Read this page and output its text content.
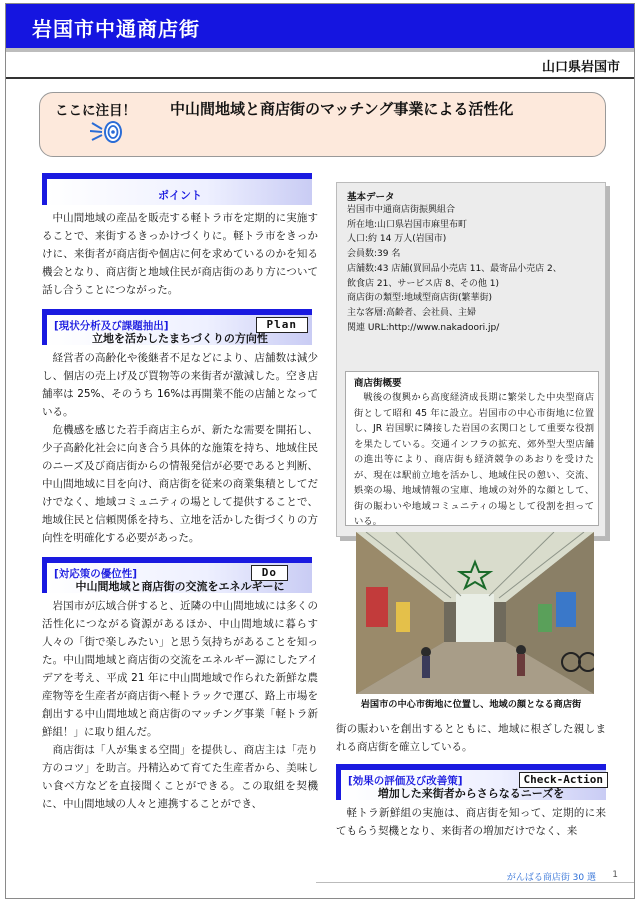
岩国市中通商店街
山口県岩国市
ここに注目！ 中山間地域と商店街のマッチング事業による活性化
ポイント

中山間地域の産品を販売する軽トラ市を定期的に実施することで、来街するきっかけづくりに。軽トラ市をきっかけに、来街者が商店街や個店に何を求めているのかを知る機会となり、商店街と地域住民が商店街のあり方について話し合うことにつながった。

[現状分析及び課題抽出]	Plan
立地を活かしたまちづくりの方向性

経営者の高齢化や後継者不足などにより、店舗数は減少し、個店の売上げ及び買物等の来街者が激減した。空き店舗率は 25%、そのうち 16%は再開業不能の店舗となっている。

危機感を感じた若手商店主らが、新たな需要を開拓し、少子高齢化社会に向き合う具体的な施策を持ち、地域住民のニーズ及び商店街からの情報発信が必要であると判断、中山間地域に目を向け、商店街を従来の商業集積としてだけでなく、地域コミュニティの場として提供することで、地域住民と信頼関係を持ち、立地を活かした街づくりの方向性を明確化する必要があった。

[対応策の優位性]	Do
中山間地域と商店街の交流をエネルギーに

岩国市が広域合併すると、近隣の中山間地域には多くの活性化につながる資源があるほか、中山間地域に暮らす人々の「街で楽しみたい」と思う気持ちがあることを知った。中山間地域と商店街の交流をエネルギー源にしたアイデアを考え、平成 21 年に中山間地域で作られた新鮮な農産物等を生産者が商店街へ軽トラックで運び、路上市場を創出する中山間地域と商店街のマッチング事業「軽トラ新鮮組！」に取り組んだ。

商店街は「人が集まる空間」を提供し、商店主は「売り方のコツ」を助言。丹精込めて育てた生産者から、美味しい食べ方などを直接聞くことができる。この取組を契機に、中山間地域の人々と連携することができ、

基本データ
岩国市中通商店街振興組合
所在地:山口県岩国市麻里布町
人口:約 14 万人(岩国市)
会員数:39 名
店舗数:43 店舗(買回品小売店 11、最寄品小売店 2、
飲食店 21、サービス店 8、その他 1)
商店街の類型:地域型商店街(繁華街)
主な客層:高齢者、会社員、主婦
関連 URL:http://www.nakadoori.jp/
商店街概要
戦後の復興から高度経済成長期に繁栄した中央型商店街として昭和 45 年に設立。岩国市の中心市街地に位置し、JR 岩国駅に隣接した岩国の玄関口として重要な役割を果たしている。交通インフラの拡充、郊外型大型店舗の進出等により、商店街も経済競争のあおりを受けたが、現在は駅前立地を活かし、地域住民の憩い、交流、娯楽の場、地域情報の宝庫、地域の対外的な顔として、街の賑わいや地域コミュニティの場として役割を担っている。
岩国市の中心市街地に位置し、地域の顔となる商店街

街の賑わいを創出するとともに、地域に根ざした親しまれる商店街を確立している。

[効果の評価及び改善策]	Check-Action
増加した来街者からさらなるニーズを

軽トラ新鮮組の実施は、商店街を知って、定期的に来てもらう契機となり、来街者の増加だけでなく、来

がんばる商店街 30 選 1
